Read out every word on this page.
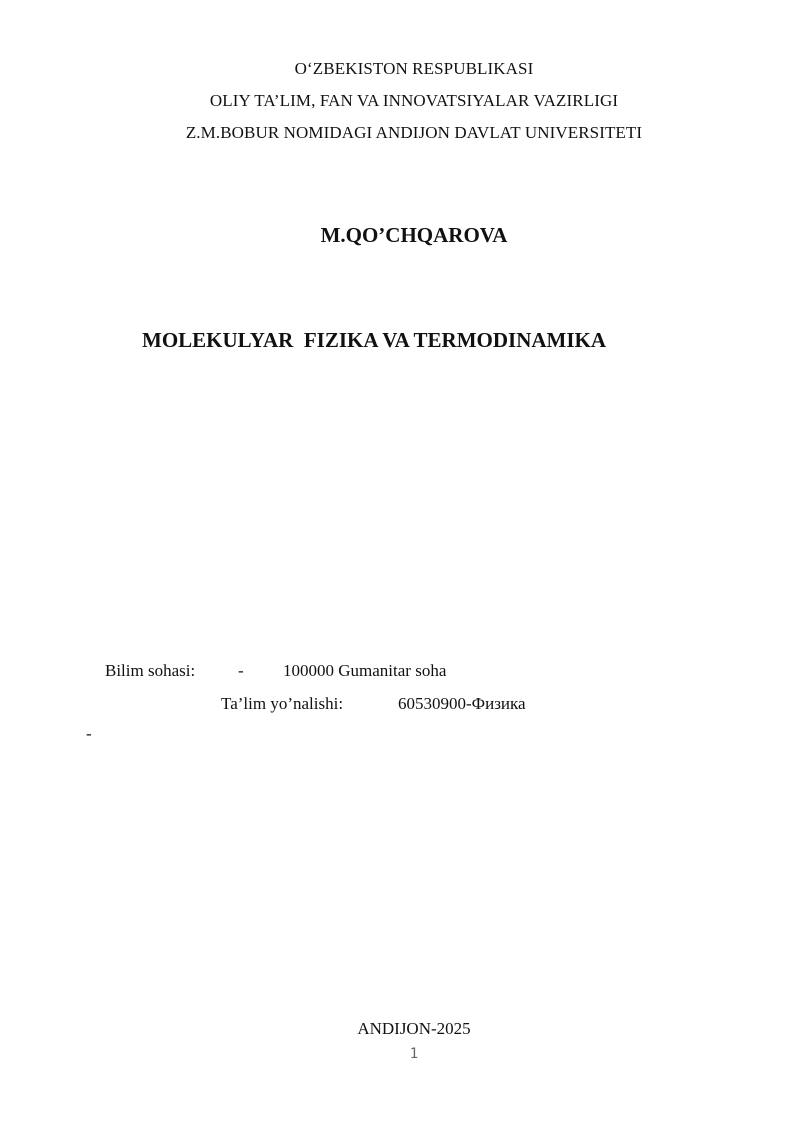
O‘ZBEKISTON RESPUBLIKASI
OLIY TA’LIM, FAN VA INNOVATSIYALAR VAZIRLIGI
Z.M.BOBUR NOMIDAGI ANDIJON DAVLAT UNIVERSITETI
M.QO’CHQAROVA
MOLEKULYAR  FIZIKA VA TERMODINAMIKA
Bilim sohasi:	- 100000 Gumanitar soha
Ta’lim yo’nalishi:	60530900-Физика
-
ANDIJON-2025
1
